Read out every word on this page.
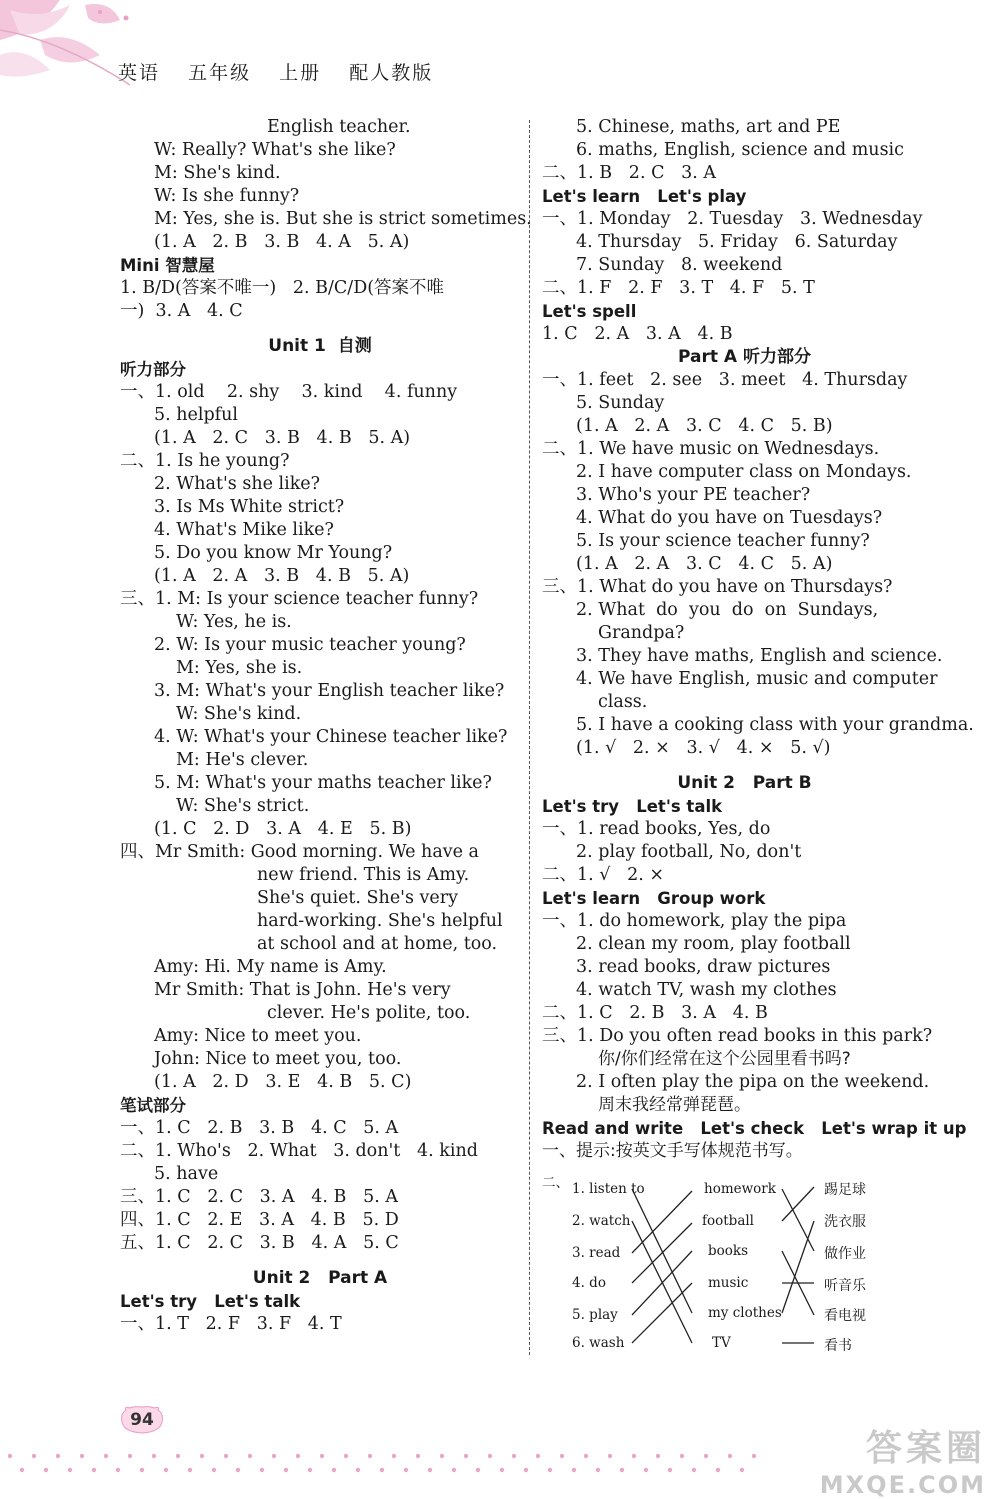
英语 五年级 上册 配人教版
English teacher.
W: Really? What's she like?
M: She's kind.
W: Is she funny?
M: Yes, she is. But she is strict sometimes.
(1. A   2. B   3. B   4. A   5. A)
Mini 智慧屋
1. B/D(答案不唯一)   2. B/C/D(答案不唯
一)  3. A   4. C
Unit 1  自测
听力部分
一、1. old    2. shy    3. kind    4. funny
5. helpful
(1. A   2. C   3. B   4. B   5. A)
二、1. Is he young?
2. What's she like?
3. Is Ms White strict?
4. What's Mike like?
5. Do you know Mr Young?
(1. A   2. A   3. B   4. B   5. A)
三、1. M: Is your science teacher funny?
W: Yes, he is.
2. W: Is your music teacher young?
M: Yes, she is.
3. M: What's your English teacher like?
W: She's kind.
4. W: What's your Chinese teacher like?
M: He's clever.
5. M: What's your maths teacher like?
W: She's strict.
(1. C   2. D   3. A   4. E   5. B)
四、Mr Smith: Good morning. We have a
new friend. This is Amy.
She's quiet. She's very
hard-working. She's helpful
at school and at home, too.
Amy: Hi. My name is Amy.
Mr Smith: That is John. He's very
clever. He's polite, too.
Amy: Nice to meet you.
John: Nice to meet you, too.
(1. A   2. D   3. E   4. B   5. C)
笔试部分
一、1. C   2. B   3. B   4. C   5. A
二、1. Who's   2. What   3. don't   4. kind
5. have
三、1. C   2. C   3. A   4. B   5. A
四、1. C   2. E   3. A   4. B   5. D
五、1. C   2. C   3. B   4. A   5. C
Unit 2   Part A
Let's try   Let's talk
一、1. T   2. F   3. F   4. T
5. Chinese, maths, art and PE
6. maths, English, science and music
二、1. B   2. C   3. A
Let's learn   Let's play
一、1. Monday   2. Tuesday   3. Wednesday
4. Thursday   5. Friday   6. Saturday
7. Sunday   8. weekend
二、1. F   2. F   3. T   4. F   5. T
Let's spell
1. C   2. A   3. A   4. B
Part A 听力部分
一、1. feet   2. see   3. meet   4. Thursday
5. Sunday
(1. A   2. A   3. C   4. C   5. B)
二、1. We have music on Wednesdays.
2. I have computer class on Mondays.
3. Who's your PE teacher?
4. What do you have on Tuesdays?
5. Is your science teacher funny?
(1. A   2. A   3. C   4. C   5. A)
三、1. What do you have on Thursdays?
2. What  do  you  do  on  Sundays,
Grandpa?
3. They have maths, English and science.
4. We have English, music and computer
class.
5. I have a cooking class with your grandma.
(1. √   2. ×   3. √   4. ×   5. √)
Unit 2   Part B
Let's try   Let's talk
一、1. read books, Yes, do
2. play football, No, don't
二、1. √   2. ×
Let's learn   Group work
一、1. do homework, play the pipa
2. clean my room, play football
3. read books, draw pictures
4. watch TV, wash my clothes
二、1. C   2. B   3. A   4. B
三、1. Do you often read books in this park?
你/你们经常在这个公园里看书吗?
2. I often play the pipa on the weekend.
周末我经常弹琵琶。
Read and write   Let's check   Let's wrap it up
一、提示:按英文手写体规范书写。
二、 1. listen to
2. watch
3. read
4. do
5. play
6. wash
homework
football
books
music
my clothes
TV
踢足球
洗衣服
做作业
听音乐
看电视
看书
94
答案圈
MXQE.COM
